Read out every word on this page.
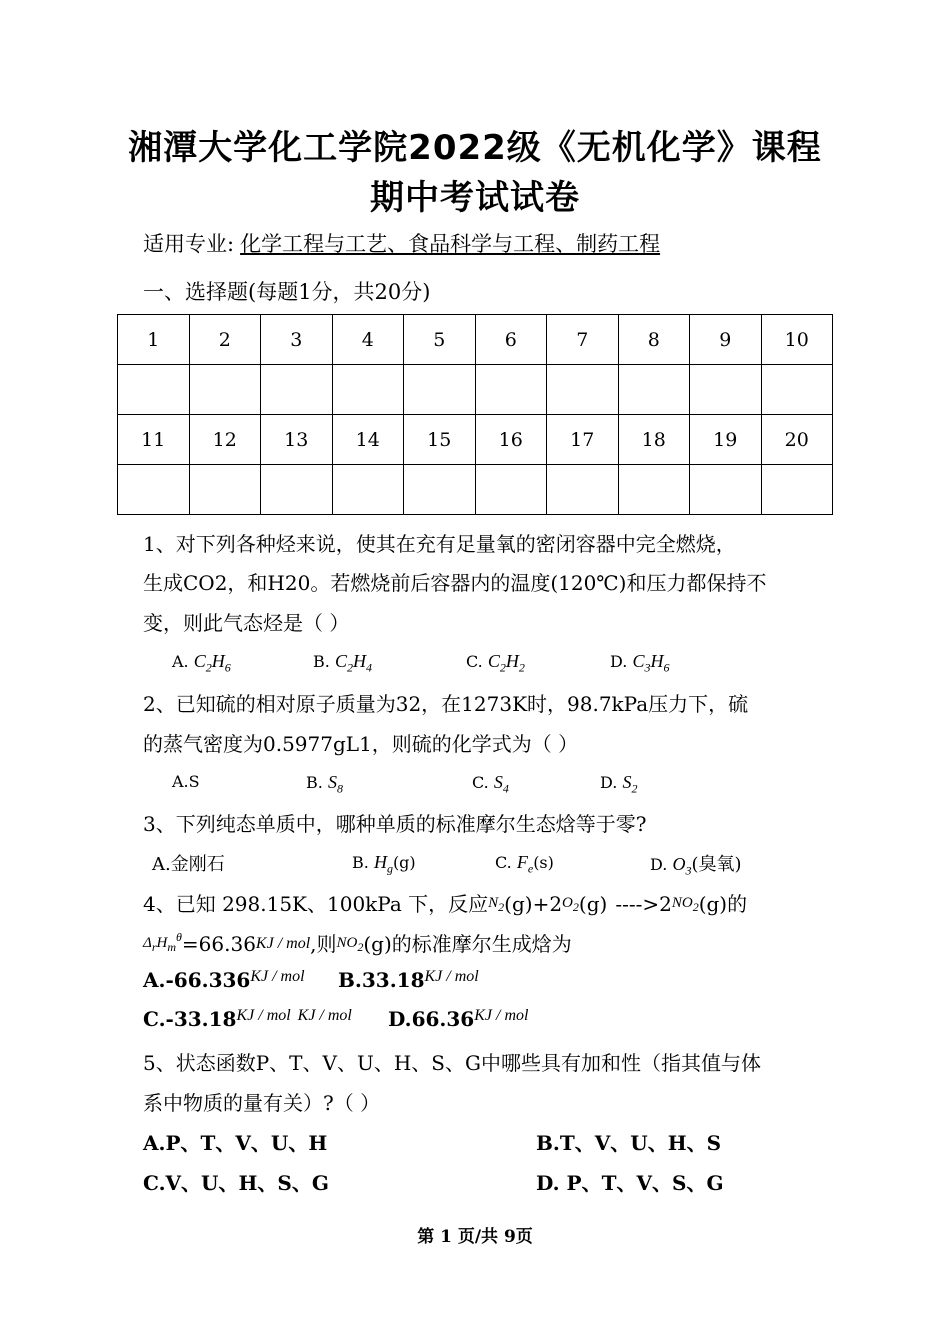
湘潭大学化工学院2022级《无机化学》课程
期中考试试卷
适用专业: 化学工程与工艺、食品科学与工程、制药工程
一、选择题(每题1分，共20分)
1	2	3	4	5	6	7	8	9	10

11	12	13	14	15	16	17	18	19	20

1、对下列各种烃来说，使其在充有足量氧的密闭容器中完全燃烧，
生成CO2，和H20。若燃烧前后容器内的温度(120℃)和压力都保持不
变，则此气态烃是（ ）
A. $C_2H_6$	B. $C_2H_4$	C. $C_2H_2$	D. $C_3H_6$
2、已知硫的相对原子质量为32，在1273K时，98.7kPa压力下，硫
的蒸气密度为0.5977gL1，则硫的化学式为（ ）
A.S	B. $S_8$	C. $S_4$	D. $S_2$
3、下列纯态单质中，哪种单质的标准摩尔生态焓等于零?
A.金刚石	B. $H_g(g)$	C. $F_e(s)$	D. $O_3$(臭氧)
4、已知 298.15K、100kPa 下，反应$^{N_2}(g)+2^{O_2}(g)$ $---->2^{NO_2}(g)$的
$^{\Delta_rH_m^\theta}$=66.36KJ / mol,则$^{NO_2}$(g)的标准摩尔生成焓为
$A.-66.336^{KJ / mol}$ $B.33.18^{KJ / mol}$
$C.-33.18^{KJ / mol}$ $^{KJ / mol}$ $D.66.36^{KJ / mol}$
5、状态函数P、T、V、U、H、S、G中哪些具有加和性（指其值与体
系中物质的量有关）?（ ）
A.P、T、V、U、H	B.T、V、U、H、S
C.V、U、H、S、G	D. P、T、V、S、G
第 1 页/共 9页
